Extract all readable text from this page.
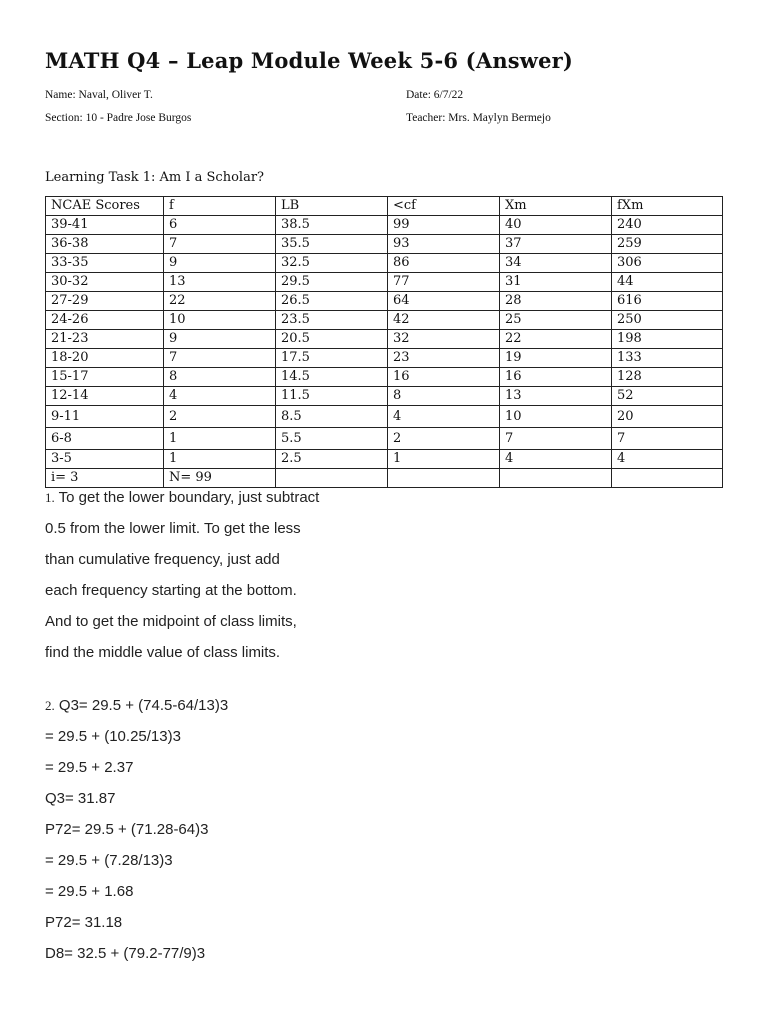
MATH Q4 – Leap Module Week 5-6 (Answer)
Name: Naval, Oliver T.	Date: 6/7/22
Section: 10 - Padre Jose Burgos	Teacher: Mrs. Maylyn Bermejo
Learning Task 1: Am I a Scholar?
NCAE Scores	f	LB	<cf	Xm	fXm
39-41	6	38.5	99	40	240
36-38	7	35.5	93	37	259
33-35	9	32.5	86	34	306
30-32	13	29.5	77	31	44
27-29	22	26.5	64	28	616
24-26	10	23.5	42	25	250
21-23	9	20.5	32	22	198
18-20	7	17.5	23	19	133
15-17	8	14.5	16	16	128
12-14	4	11.5	8	13	52
9-11	2	8.5	4	10	20
6-8	1	5.5	2	7	7
3-5	1	2.5	1	4	4
i= 3	N= 99				
1. To get the lower boundary, just subtract
0.5 from the lower limit. To get the less
than cumulative frequency, just add
each frequency starting at the bottom.
And to get the midpoint of class limits,
find the middle value of class limits.
2. Q3= 29.5 + (74.5-64/13)3
= 29.5 + (10.25/13)3
= 29.5 + 2.37
Q3= 31.87
P72= 29.5 + (71.28-64)3
= 29.5 + (7.28/13)3
= 29.5 + 1.68
P72= 31.18
D8= 32.5 + (79.2-77/9)3
